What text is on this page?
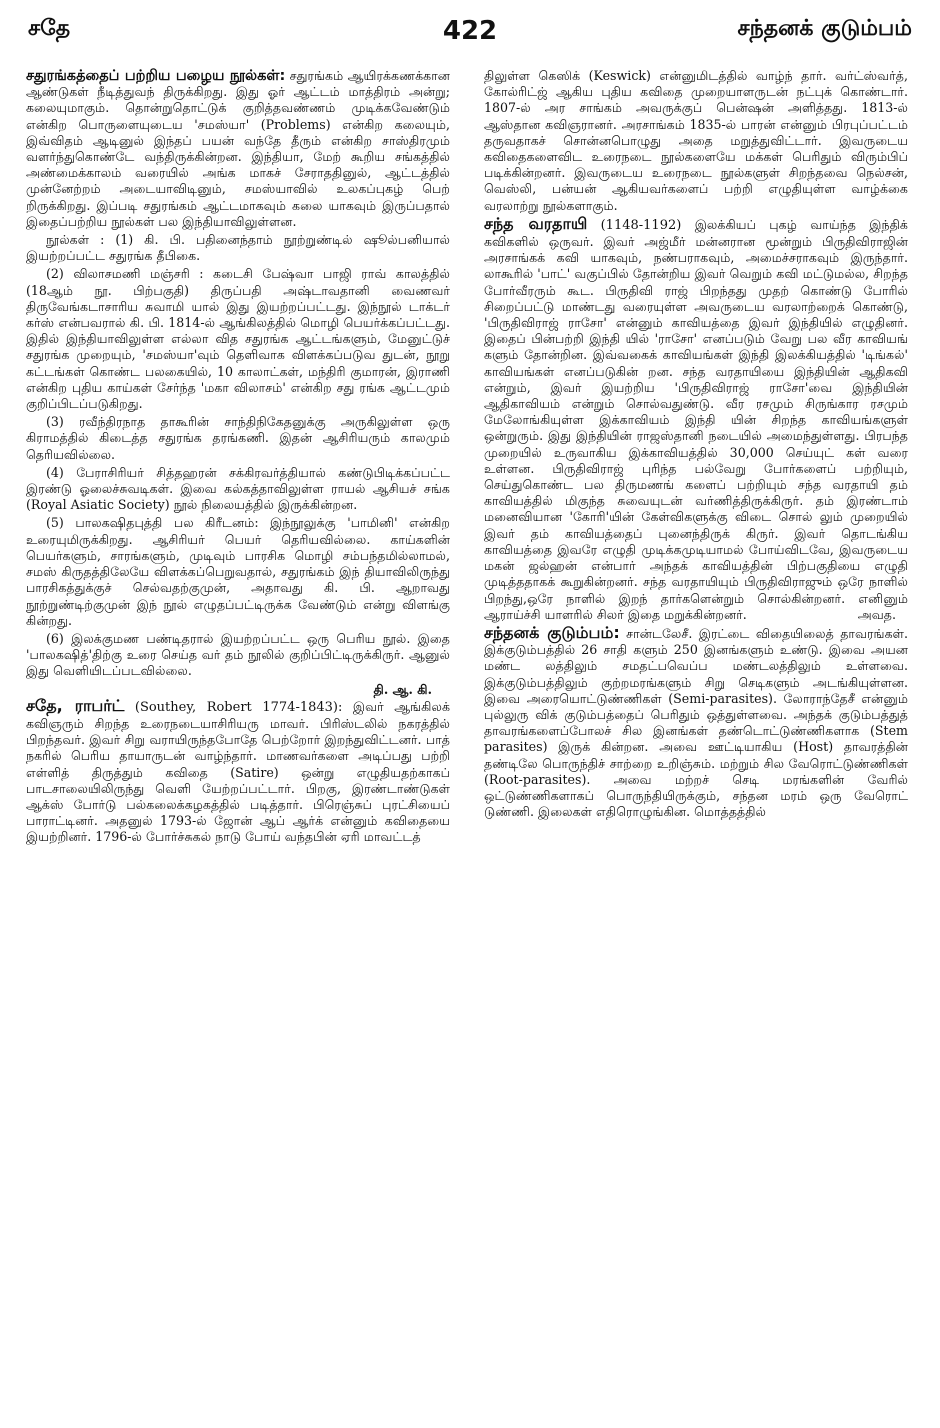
சதே	422	சந்தனக் குடும்பம்

சதுரங்கத்தைப் பற்றிய பழைய நூல்கள்: சதுரங்கம் ஆயிரக்கணக்கான ஆண்டுகள் நீடித்துவந் திருக்கிறது. இது ஓர் ஆட்டம் மாத்திரம் அன்று; கலையுமாகும். தொன்றுதொட்டுக் குறித்தவண்ணம் முடிக்கவேண்டும் என்கிற பொருளையுடைய 'சமஸ்யா' (Problems) என்கிற கலையும், இவ்விதம் ஆடினுல் இந்தப் பயன் வந்தே தீரும் என்கிற சாஸ்திரமும் வளர்ந்துகொண்டே வந்திருக்கின்றன. இந்தியா, மேற் கூறிய சங்கத்தில் அண்மைக்காலம் வரையில் அங்க மாகச் சேராததினுல், ஆட்டத்தில் முன்னேற்றம் அடையாவிடினும், சமஸ்யாவில் உலகப்புகழ் பெற் றிருக்கிறது. இப்படி சதுரங்கம் ஆட்டமாகவும் கலை யாகவும் இருப்பதால் இதைப்பற்றிய நூல்கள் பல இந்தியாவிலுள்ளன.

நூல்கள் : (1) கி. பி. பதினைந்தாம் நூற்றுண்டில் ஷூல்பனியால் இயற்றப்பட்ட சதுரங்க தீபிகை.

(2) விலாசமணி மஞ்சரி : கடைசி பேஷ்வா பாஜி ராவ் காலத்தில் (18ஆம் நூ. பிற்பகுதி) திருப்பதி அஷ்டாவதானி வைணவர் திருவேங்கடாசாரிய சுவாமி யால் இது இயற்றப்பட்டது. இந்நூல் டாக்டர் கர்ஸ் என்பவரால் கி. பி. 1814-ல் ஆங்கிலத்தில் மொழி பெயர்க்கப்பட்டது. இதில் இந்தியாவிலுள்ள எல்லா வித சதுரங்க ஆட்டங்களும், மேனுட்டுச் சதுரங்க முறையும், 'சமஸ்யா'வும் தெளிவாக விளக்கப்படுவ துடன், நூறு கட்டங்கள் கொண்ட பலகையில், 10 காலாட்கள், மந்திரி குமாரன், இராணி என்கிற புதிய காய்கள் சேர்ந்த 'மகா விலாசம்' என்கிற சது ரங்க ஆட்டமும் குறிப்பிடப்படுகிறது.

(3) ரவீந்திரநாத தாகூரின் சாந்திநிகேதனுக்கு அருகிலுள்ள ஒரு கிராமத்தில் கிடைத்த சதுரங்க தரங்கணி. இதன் ஆசிரியரும் காலமும் தெரியவில்லை.

(4) பேராசிரியர் சித்தஹரன் சக்கிரவர்த்தியால் கண்டுபிடிக்கப்பட்ட இரண்டு ஓலைச்சுவடிகள். இவை கல்கத்தாவிலுள்ள ராயல் ஆசியச் சங்க (Royal Asiatic Society) நூல் நிலையத்தில் இருக்கின்றன.

(5) பாலகஷிதபுத்தி பல கிரீடனம்: இந்நூலுக்கு 'பாமினி' என்கிற உரையுமிருக்கிறது. ஆசிரியர் பெயர் தெரியவில்லை. காய்களின் பெயர்களும், சாரங்களும், முடிவும் பாரசிக மொழி சம்பந்தமில்லாமல், சமஸ் கிருதத்திலேயே விளக்கப்பெறுவதால், சதுரங்கம் இந் தியாவிலிருந்து பாரசிகத்துக்குச் செல்வதற்குமுன், அதாவது கி. பி. ஆறாவது நூற்றுண்டிற்குமுன் இந் நூல் எழுதப்பட்டிருக்க வேண்டும் என்று விளங்கு கின்றது.

(6) இலக்குமண பண்டிதரால் இயற்றப்பட்ட ஒரு பெரிய நூல். இதை 'பாலகஷித்'திற்கு உரை செய்த வர் தம் நூலில் குறிப்பிட்டிருக்கிருர். ஆனுல் இது வெளியிடப்படவில்லை.

தி. ஆ. கி.

சதே, ராபர்ட் (Southey, Robert 1774-1843): இவர் ஆங்கிலக் கவிஞரும் சிறந்த உரைநடையாசிரியரு மாவர். பிரிஸ்டலில் நகரத்தில் பிறந்தவர். இவர் சிறு வராயிருந்தபோதே பெற்றோர் இறந்துவிட்டனர். பாத் நகரில் பெரிய தாயாருடன் வாழ்ந்தார். மாணவர்களை அடிப்பது பற்றி எள்ளித் திருத்தும் கவிதை (Satire) ஒன்று எழுதியதற்காகப் பாடசாலையிலிருந்து வெளி யேற்றப்பட்டார். பிறகு, இரண்டாண்டுகள் ஆக்ஸ் போர்டு பல்கலைக்கழகத்தில் படித்தார். பிரெஞ்சுப் புரட்சியைப் பாராட்டினர். அதனுல் 1793-ல் ஜோன் ஆப் ஆர்க் என்னும் கவிதையை இயற்றினர். 1796-ல் போர்ச்சுகல் நாடு போய் வந்தபின் ஏரி மாவட்டத்

திலுள்ள கெஸிக் (Keswick) என்னுமிடத்தில் வாழ்ந் தார். வர்ட்ஸ்வர்த், கோல்ரிட்ஜ் ஆகிய புதிய கவிதை முறையாளருடன் நட்புக் கொண்டார். 1807-ல் அர சாங்கம் அவருக்குப் பென்ஷன் அளித்தது. 1813-ல் ஆஸ்தான கவிஞரானர். அரசாங்கம் 1835-ல் பாரன் என்னும் பிரபுப்பட்டம் தருவதாகச் சொன்னபொழுது அதை மறுத்துவிட்டார். இவருடைய கவிதைகளைவிட உரைநடை நூல்களையே மக்கள் பெரிதும் விரும்பிப் படிக்கின்றனர். இவருடைய உரைநடை நூல்களுள் சிறந்தவை நெல்சன், வெஸ்லி, பன்யன் ஆகியவர்களைப் பற்றி எழுதியுள்ள வாழ்க்கை வரலாற்று நூல்களாகும்.

சந்த வரதாயி (1148-1192) இலக்கியப் புகழ் வாய்ந்த இந்திக் கவிகளில் ஒருவர். இவர் அஜ்மீர் மன்னரான மூன்றும் பிருதிவிராஜின் அரசாங்கக் கவி யாகவும், நண்பராகவும், அமைச்சராகவும் இருந்தார். லாகூரில் 'பாட்' வகுப்பில் தோன்றிய இவர் வெறும் கவி மட்டுமல்ல, சிறந்த போர்வீரரும் கூட. பிருதிவி ராஜ் பிறந்தது முதற் கொண்டு போரில் சிறைப்பட்டு மாண்டது வரையுள்ள அவருடைய வரலாற்றைக் கொண்டு, 'பிருதிவிராஜ் ராசோ' என்னும் காவியத்தை இவர் இந்தியில் எழுதினர். இதைப் பின்பற்றி இந்தி யில் 'ராசோ' எனப்படும் வேறு பல வீர காவியங் களும் தோன்றின. இவ்வகைக் காவியங்கள் இந்தி இலக்கியத்தில் 'டிங்கல்' காவியங்கள் எனப்படுகின் றன. சந்த வரதாயியை இந்தியின் ஆதிகவி என்றும், இவர் இயற்றிய 'பிருதிவிராஜ் ராசோ'வை இந்தியின் ஆதிகாவியம் என்றும் சொல்வதுண்டு. வீர ரசமும் சிருங்கார ரசமும் மேலோங்கியுள்ள இக்காவியம் இந்தி யின் சிறந்த காவியங்களுள் ஒன்றுரும். இது இந்தியின் ராஜஸ்தானி நடையில் அமைந்துள்ளது. பிரபந்த முறையில் உருவாகிய இக்காவியத்தில் 30,000 செய்யுட் கள் வரை உள்ளன. பிருதிவிராஜ் புரிந்த பல்வேறு போர்களைப் பற்றியும், செய்துகொண்ட பல திருமணங் களைப் பற்றியும் சந்த வரதாயி தம் காவியத்தில் மிகுந்த சுவையுடன் வர்ணித்திருக்கிருர். தம் இரண்டாம் மனைவியான 'கோரி'யின் கேள்விகளுக்கு விடை சொல் லும் முறையில் இவர் தம் காவியத்தைப் புனைந்திருக் கிருர். இவர் தொடங்கிய காவியத்தை இவரே எழுதி முடிக்கமுடியாமல் போய்விடவே, இவருடைய மகன் ஜல்ஹன் என்பார் அந்தக் காவியத்தின் பிற்பகுதியை எழுதி முடித்ததாகக் கூறுகின்றனர். சந்த வரதாயியும் பிருதிவிராஜும் ஒரே நாளில் பிறந்து,ஒரே நாளில் இறந் தார்களென்றும் சொல்கின்றனர். எனினும் ஆராய்ச்சி யாளரில் சிலர் இதை மறுக்கின்றனர்.	அவத.

சந்தனக் குடும்பம்: சான்டலேசீ. இரட்டை விதையிலைத் தாவரங்கள். இக்குடும்பத்தில் 26 சாதி களும் 250 இனங்களும் உண்டு. இவை அயன மண்ட லத்திலும் சமதட்பவெப்ப மண்டலத்திலும் உள்ளவை. இக்குடும்பத்திலும் குற்றமரங்களும் சிறு செடிகளும் அடங்கியுள்ளன. இவை அரையொட்டுண்ணிகள் (Semi-parasites). லோராந்தேசீ என்னும் புல்லுரு விக் குடும்பத்தைப் பெரிதும் ஒத்துள்ளவை. அந்தக் குடும்பத்துத் தாவரங்களைப்போலச் சில இனங்கள் தண்டொட்டுண்ணிகளாக (Stem parasites) இருக் கின்றன. அவை ஊட்டியாகிய (Host) தாவரத்தின் தண்டிலே பொருந்திச் சாற்றை உறிஞ்சும். மற்றும் சில வேரொட்டுண்ணிகள் (Root-parasites). அவை மற்றச் செடி மரங்களின் வேரில் ஒட்டுண்ணிகளாகப் பொருந்தியிருக்கும், சந்தன மரம் ஒரு வேரொட் டுண்ணி. இலைகள் எதிரொழுங்கின. மொத்தத்தில்
